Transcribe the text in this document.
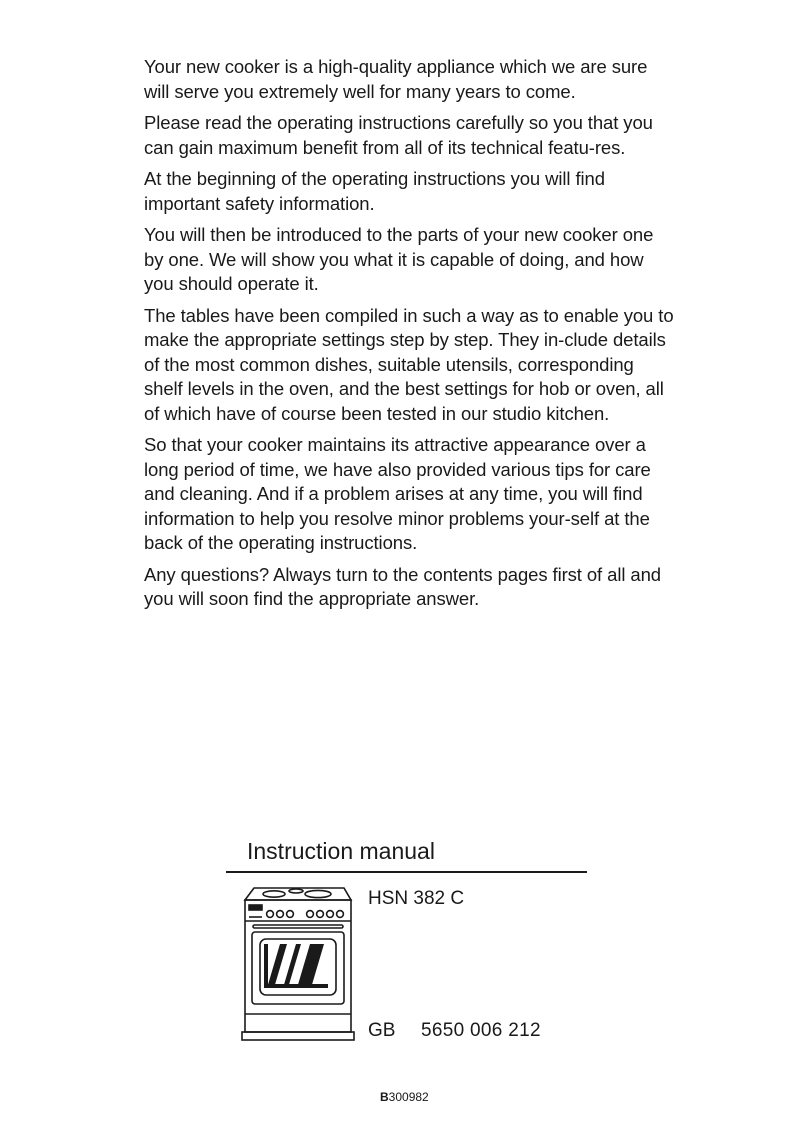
Your new cooker is a high-quality appliance which we are sure will serve you extremely well for many years to come.

Please read the operating instructions carefully so you that you can gain maximum benefit from all of its technical featu-res.

At the beginning of the operating instructions you will find important safety information.

You will then be introduced to the parts of your new cooker one by one. We will show you what it is capable of doing, and how you should operate it.

The tables have been compiled in such a way as to enable you to make the appropriate settings step by step. They in-clude details of the most common dishes, suitable utensils, corresponding shelf levels in the oven, and the best settings for hob or oven, all of which have of course been tested in our studio kitchen.

So that your cooker maintains its attractive appearance over a long period of time, we have also provided various tips for care and cleaning. And if a problem arises at any time, you will find information to help you resolve minor problems your-self at the back of the operating instructions.

Any questions? Always turn to the contents pages first of all and you will soon find the appropriate answer.

Instruction manual
HSN 382 C
GB 5650 006 212
B300982
